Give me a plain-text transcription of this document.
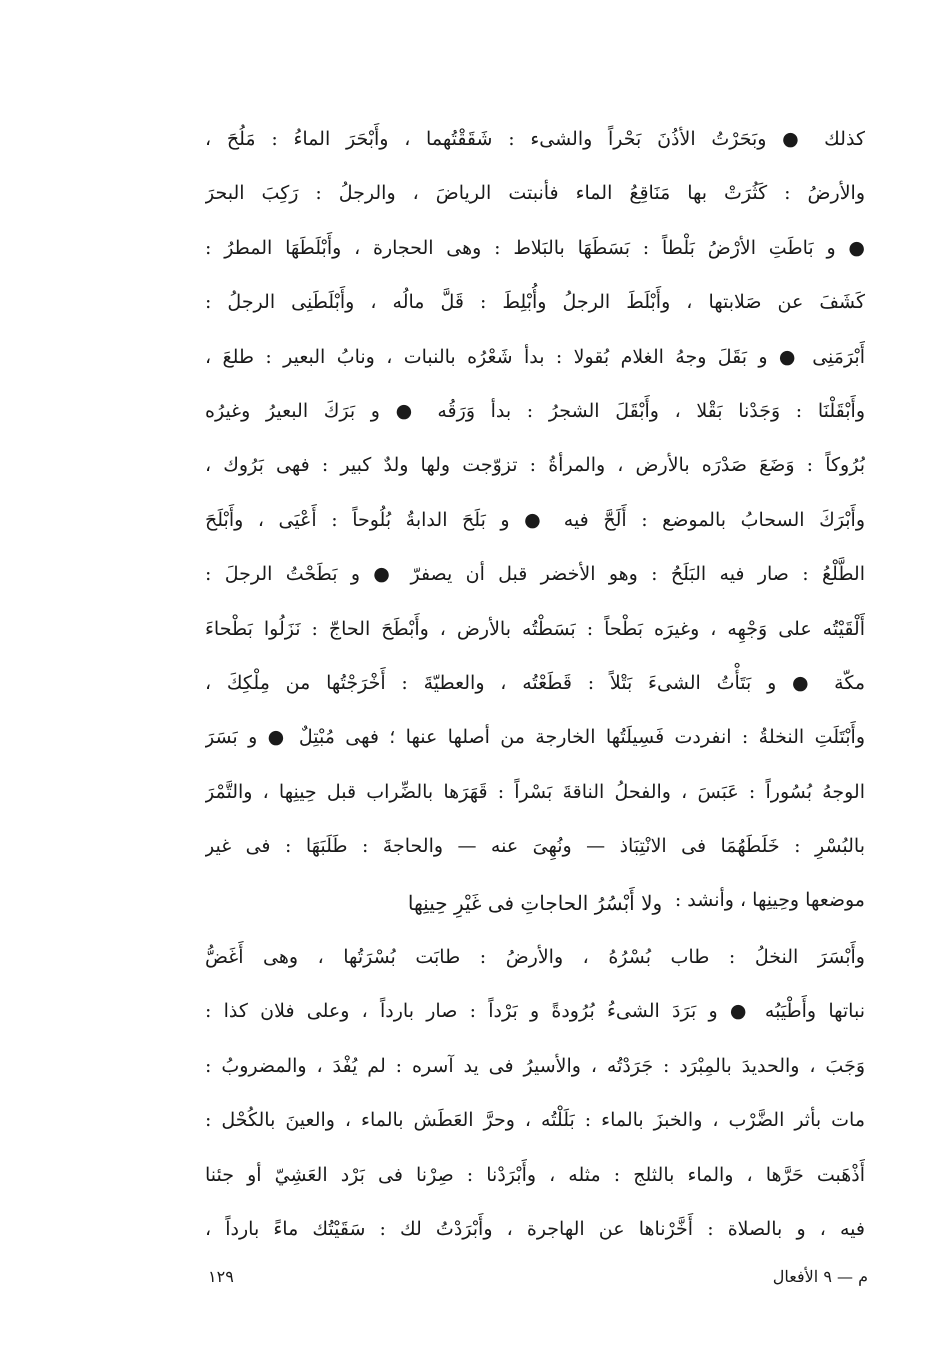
كذلك ● وبَحَرْتُ الأذُنَ بَحْراً والشىء : شَقَقْتُهما ، وأَبْحَرَ الماءُ : مَلُحَ ،
والأرضُ : كَثُرَتْ بها مَنَاقِعُ الماء فأنبتت الرياضَ ، والرجلُ : رَكِبَ البحرَ
● و بَاطَتِ الأرْضُ بَلْطاً : بَسَطَهَا بالبَلاط : وهى الحجارة ، وأَبْلَطَهَا المطرُ :
كَشَفَ عن صَلابتها ، وأَبْلَطَ الرجلُ وأُبْلِطَ : قَلَّ مالُه ، وأَبْلَطَنِى الرجلُ :
أَبْرَمَنِى ● و بَقَلَ وجهُ الغلام بُقولا : بدأ شَعْرُه بالنبات ، ونابُ البعير : طلعَ ،
وأَبْقَلْنَا : وَجَدْنا بَقْلا ، وأَبْقَلَ الشجرُ : بدأ وَرَقُه ● و بَرَكَ البعيرُ وغيرُه
بُرُوكاً : وَضَعَ صَدْرَه بالأرض ، والمرأةُ : تزوّجت ولها ولدٌ كبير : فهى بَرُوك ،
وأَبْرَكَ السحابُ بالموضع : أَلَحَّ فيه ● و بَلَحَ الدابةُ بُلُوحاً : أَعْيَى ، وأَبْلَحَ
الطَّلْعُ : صار فيه البَلَحُ : وهو الأخضر قبل أن يصفرّ ● و بَطَحْتُ الرجلَ :
أَلْقَيْتُه على وَجْهِه ، وغيرَه بَطْحاً : بَسَطْتُه بالأرض ، وأَبْطَحَ الحاجّ : نَزَلُوا بَطْحاءَ
مكّة ● و بَتَأْتُ الشىءَ بَتْلاً : قَطَعْتُه ، والعطيّةَ : أَخْرَجْتُها من مِلْكِكَ ،
وأَبْتَلَتِ النخلةُ : انفردت فَسِيلَتُها الخارجة من أصلها عنها ؛ فهى مُبْتِلٌ ● و بَسَرَ
الوجهُ بُسُوراً : عَبَسَ ، والفحلُ الناقةَ بَسْراً : قَهَرَها بالضِّراب قبل حِينِها ، والتَّمْرَ
بالبُسْرِ : خَلَطَهُمَا فى الانْتِبَاذ — ونُهِىَ عنه — والحاجةَ : طَلَبَهَا : فى غير
موضعها وحِينِها ، وأنشد :
ولا أَبْسُرُ الحاجاتِ فى غَيْرِ حِينِها
وأَبْسَرَ النخلُ : طاب بُسْرُهُ ، والأرضُ : طابَت بُسْرَتُها ، وهى أَغَضُّ
نباتها وأَطْيَبُه ● و بَرَدَ الشىءُ بُرُودةً و بَرْداً : صار بارداً ، وعلى فلان كذا :
وَجَبَ ، والحديدَ بالمِبْرَد : جَرَدْتُه ، والأسيرُ فى يد آسره : لم يُفْدَ ، والمضروبُ :
مات بأثر الضَّرْب ، والخبزَ بالماء : بَلَلْتُه ، وحرَّ العَطَش بالماء ، والعينَ بالكُحْل :
أَذْهَبت حَرَّها ، والماء بالثلج : مثله ، وأَبْرَدْنا : صِرْنا فى بَرْد العَشِيّ أو جئنا
فيه ، و بالصلاة : أَخَّرْناها عن الهاجرة ، وأَبْرَدْتُ لك : سَقَيْتُك ماءً بارداً ،
م — ٩ الأفعال
١٢٩
